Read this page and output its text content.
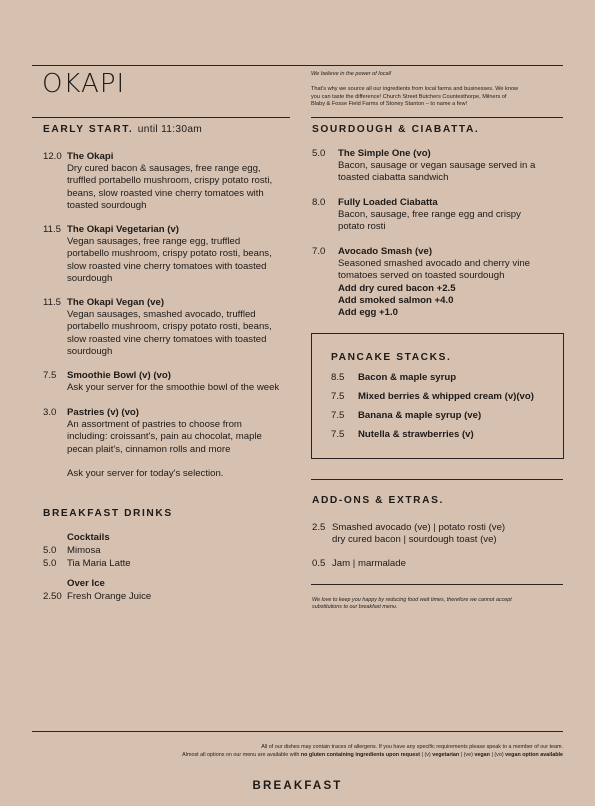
OKAPI	We believe in the power of local!

That's why we source all our ingredients from local farms and businesses. We know
you can taste the difference! Church Street Butchers Countesthorpe, Milners of
Blaby & Fosse Field Farms of Stoney Stanton – to name a few!
EARLY START. until 11:30am
12.0 The Okapi
Dry cured bacon & sausages, free range egg,
truffled portabello mushroom, crispy potato rosti,
beans, slow roasted vine cherry tomatoes with
toasted sourdough
11.5 The Okapi Vegetarian (v)
Vegan sausages, free range egg, truffled
portabello mushroom, crispy potato rosti, beans,
slow roasted vine cherry tomatoes with toasted
sourdough
11.5 The Okapi Vegan (ve)
Vegan sausages, smashed avocado, truffled
portabello mushroom, crispy potato rosti, beans,
slow roasted vine cherry tomatoes with toasted
sourdough
7.5 Smoothie Bowl (v) (vo)
Ask your server for the smoothie bowl of the week
3.0 Pastries (v) (vo)
An assortment of pastries to choose from
including: croissant's, pain au chocolat, maple
pecan plait's, cinnamon rolls and more
Ask your server for today's selection.
BREAKFAST DRINKS
Cocktails
5.0 Mimosa
5.0 Tia Maria Latte
Over Ice
2.50 Fresh Orange Juice
SOURDOUGH & CIABATTA.
5.0 The Simple One (vo)
Bacon, sausage or vegan sausage served in a
toasted ciabatta sandwich
8.0 Fully Loaded Ciabatta
Bacon, sausage, free range egg and crispy
potato rosti
7.0 Avocado Smash (ve)
Seasoned smashed avocado and cherry vine
tomatoes served on toasted sourdough
Add dry cured bacon +2.5
Add smoked salmon +4.0
Add egg +1.0
PANCAKE STACKS.
8.5 Bacon & maple syrup
7.5 Mixed berries & whipped cream (v)(vo)
7.5 Banana & maple syrup (ve)
7.5 Nutella & strawberries (v)
ADD-ONS & EXTRAS.
2.5 Smashed avocado (ve) | potato rosti (ve)
dry cured bacon | sourdough toast (ve)
0.5 Jam | marmalade
We love to keep you happy by reducing food wait times, therefore we cannot accept
substitutions to our breakfast menu.
All of our dishes may contain traces of allergens. If you have any specific requirements please speak to a member of our team.
Almost all options on our menu are available with no gluten containing ingredients upon request | (v) vegetarian | (ve) vegan | (vo) vegan option available
BREAKFAST
